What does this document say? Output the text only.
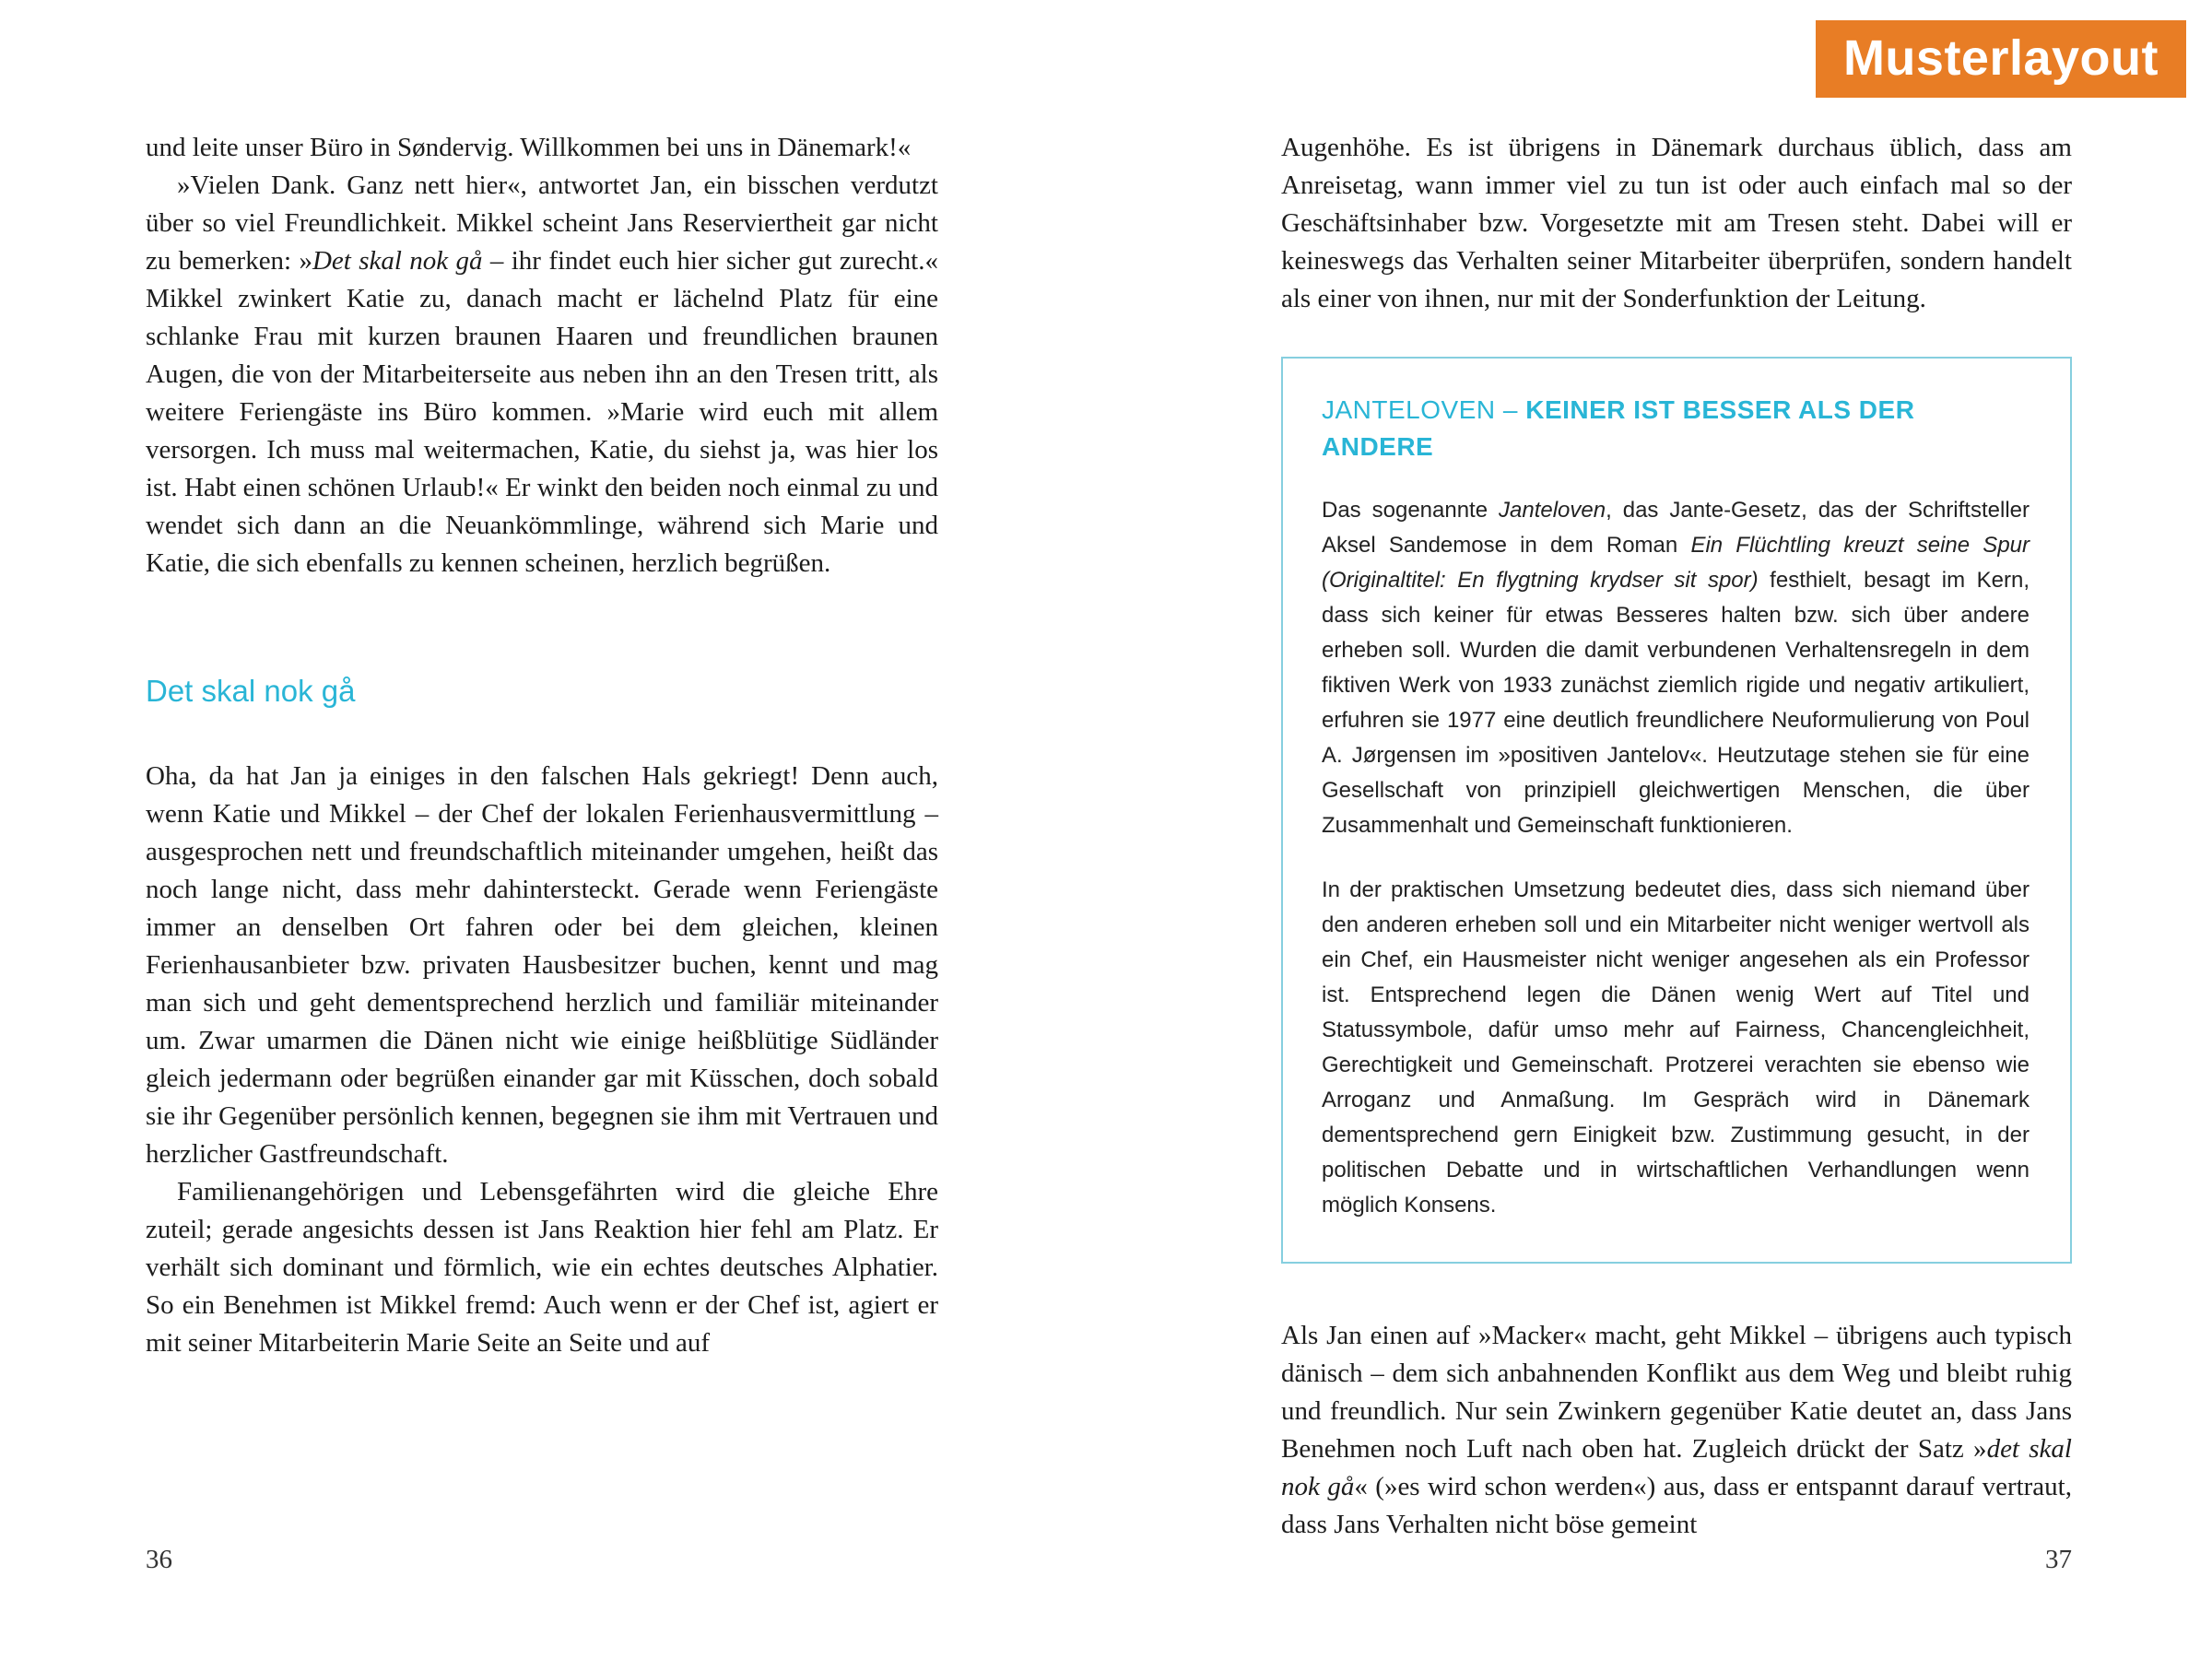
Musterlayout

und leite unser Büro in Søndervig. Willkommen bei uns in Dänemark!«

»Vielen Dank. Ganz nett hier«, antwortet Jan, ein bisschen verdutzt über so viel Freundlichkeit. Mikkel scheint Jans Reserviertheit gar nicht zu bemerken: »Det skal nok gå – ihr findet euch hier sicher gut zurecht.« Mikkel zwinkert Katie zu, danach macht er lächelnd Platz für eine schlanke Frau mit kurzen braunen Haaren und freundlichen braunen Augen, die von der Mitarbeiterseite aus neben ihn an den Tresen tritt, als weitere Feriengäste ins Büro kommen. »Marie wird euch mit allem versorgen. Ich muss mal weitermachen, Katie, du siehst ja, was hier los ist. Habt einen schönen Urlaub!« Er winkt den beiden noch einmal zu und wendet sich dann an die Neuankömmlinge, während sich Marie und Katie, die sich ebenfalls zu kennen scheinen, herzlich begrüßen.

Det skal nok gå

Oha, da hat Jan ja einiges in den falschen Hals gekriegt! Denn auch, wenn Katie und Mikkel – der Chef der lokalen Ferienhausvermittlung – ausgesprochen nett und freundschaftlich miteinander umgehen, heißt das noch lange nicht, dass mehr dahintersteckt. Gerade wenn Feriengäste immer an denselben Ort fahren oder bei dem gleichen, kleinen Ferienhausanbieter bzw. privaten Hausbesitzer buchen, kennt und mag man sich und geht dementsprechend herzlich und familiär miteinander um. Zwar umarmen die Dänen nicht wie einige heißblütige Südländer gleich jedermann oder begrüßen einander gar mit Küsschen, doch sobald sie ihr Gegenüber persönlich kennen, begegnen sie ihm mit Vertrauen und herzlicher Gastfreundschaft.

Familienangehörigen und Lebensgefährten wird die gleiche Ehre zuteil; gerade angesichts dessen ist Jans Reaktion hier fehl am Platz. Er verhält sich dominant und förmlich, wie ein echtes deutsches Alphatier. So ein Benehmen ist Mikkel fremd: Auch wenn er der Chef ist, agiert er mit seiner Mitarbeiterin Marie Seite an Seite und auf

36

Augenhöhe. Es ist übrigens in Dänemark durchaus üblich, dass am Anreisetag, wann immer viel zu tun ist oder auch einfach mal so der Geschäftsinhaber bzw. Vorgesetzte mit am Tresen steht. Dabei will er keineswegs das Verhalten seiner Mitarbeiter überprüfen, sondern handelt als einer von ihnen, nur mit der Sonderfunktion der Leitung.

JANTELOVEN – KEINER IST BESSER ALS DER ANDERE

Das sogenannte Janteloven, das Jante-Gesetz, das der Schriftsteller Aksel Sandemose in dem Roman Ein Flüchtling kreuzt seine Spur (Originaltitel: En flygtning krydser sit spor) festhielt, besagt im Kern, dass sich keiner für etwas Besseres halten bzw. sich über andere erheben soll. Wurden die damit verbundenen Verhaltensregeln in dem fiktiven Werk von 1933 zunächst ziemlich rigide und negativ artikuliert, erfuhren sie 1977 eine deutlich freundlichere Neuformulierung von Poul A. Jørgensen im »positiven Jantelov«. Heutzutage stehen sie für eine Gesellschaft von prinzipiell gleichwertigen Menschen, die über Zusammenhalt und Gemeinschaft funktionieren.

In der praktischen Umsetzung bedeutet dies, dass sich niemand über den anderen erheben soll und ein Mitarbeiter nicht weniger wertvoll als ein Chef, ein Hausmeister nicht weniger angesehen als ein Professor ist. Entsprechend legen die Dänen wenig Wert auf Titel und Statussymbole, dafür umso mehr auf Fairness, Chancengleichheit, Gerechtigkeit und Gemeinschaft. Protzerei verachten sie ebenso wie Arroganz und Anmaßung. Im Gespräch wird in Dänemark dementsprechend gern Einigkeit bzw. Zustimmung gesucht, in der politischen Debatte und in wirtschaftlichen Verhandlungen wenn möglich Konsens.

Als Jan einen auf »Macker« macht, geht Mikkel – übrigens auch typisch dänisch – dem sich anbahnenden Konflikt aus dem Weg und bleibt ruhig und freundlich. Nur sein Zwinkern gegenüber Katie deutet an, dass Jans Benehmen noch Luft nach oben hat. Zugleich drückt der Satz »det skal nok gå« (»es wird schon werden«) aus, dass er entspannt darauf vertraut, dass Jans Verhalten nicht böse gemeint

37
